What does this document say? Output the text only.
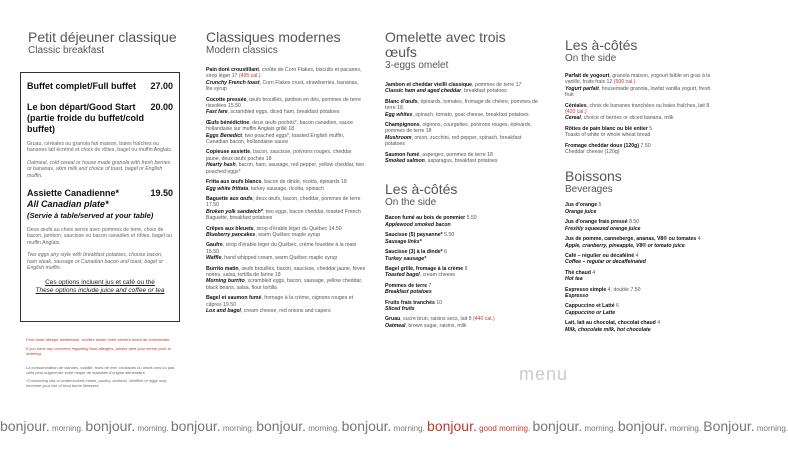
Petit déjeuner classique
Classic breakfast
Buffet complet/Full buffet 27.00
Le bon départ/Good Start 20.00
(partie froide du buffet/cold buffet)
Gruau, céréales ou granola fait maison, baies fraîches ou bananes lait écrémé et choix de rôties, bagel ou muffin Anglais.
Oatmeal, cold cereal or house made granola with fresh berries or bananas, skim milk and choice of toast, bagel or English muffin.
Assiette Canadienne*	19.50
All Canadian plate*
(Servie à table/served at your table)
Deux œufs au choix servis avec pommes de terre, choix de bacon, jambon, saucisse ou bacon canadien et rôties, bagel ou muffin Anglais.
Two eggs any style with breakfast potatoes, choose bacon, ham steak, sausage or Canadian bacon and toast, bagel or English muffin.
Ces options incluent jus et café ou thé
These options include juice and coffee or tea
Pour toute allergie alimentaire, veuillez aviser votre serveur avant de commander.
If you have any concerns regarding food allergies, please alert your server prior to ordering.
La consommation de viandes, volaille, fruits de mer, crustacés ou oeufs crus ou pas cuits peut augmenter votre risque de maladies d'origine alimentaire.
*Consuming raw or undercooked meats, poultry, seafood, shellfish or eggs may increase your risk of food borne illnesses.
Classiques modernes
Modern classics
Pain doré croustillant, croûte de Corn Flakes, biscuits et pacanes, sirop léger 17 (495 cal.)
Crunchy French toast, Corn Flakes crust, strawberries, bananas, lite syrup
Cocotte pressée, œufs brouillés, jambon en dés, pommes de terre rissolées 15.50
Fast fare, scrambled eggs, diced ham, breakfast potatoes
Œufs bénédictine, deux œufs pochés*, bacon canadien, sauce hollandaise sur muffin Anglais grillé 18
Eggs Benedict, two poached eggs*, toasted English muffin, Canadian bacon, hollandaise sauce
Copieuse assiette, bacon, saucisse, poivrons rouges, cheddar jaune, deux œufs pochés 18
Hearty hash, bacon, ham, sausage, red pepper, yellow cheddar, two poached eggs*
Fritta aux œufs blancs, bacon de dinde, ricotta, épinards 18
Egg white frittata, turkey sausage, ricotta, spinach
Baguette aux œufs; deux œufs, bacon, cheddar, pommes de terre 17.50
Broken yolk sandwich*, two eggs, bacon cheddar, toasted French Baguette, breakfast potatoes
Crêpes aux bleuets, sirop d'érable léger du Québec 14.50
Blueberry pancakes, warm Québec maple syrup
Gaufre, sirop d'érable léger du Québec, crème fouettée à la main 15.50
Waffle, hand whipped cream, warm Québec maple syrup
Burrito matin, œufs brouillés, bacon, saucisse, cheddar jaune, fèves noires, salsa, tortilla de farine 18
Morning burrito, scrambled eggs, bacon, sausage, yellow cheddar, black beans, salsa, flour tortilla
Bagel et saumon fumé, fromage à la crème, oignons rouges et câpres 19.50
Lox and bagel, cream cheese, red onions and capers
Omelette avec trois œufs
3-eggs omelet
Jambon et cheddar vieilli classique, pommes de terre 17
Classic ham and aged cheddar, breakfast potatoes
Blanc d'œufs, épinards, tomates, fromage de chèvre, pommes de terre 18
Egg whites, spinach, tomato, goat cheese, breakfast potatoes
Champignons, oignons, courgettes, poivrons rouges, épinards, pommes de terre 18
Mushroom, onion, zucchini, red pepper, spinach, breakfast potatoes
Saumon fumé, asperges, pommes de terre 18
Smoked salmon, asparagus, breakfast potatoes
Les à-côtés
On the side
Bacon fumé au bois de pommier 5.50
Applewood smoked bacon
Saucisse (5) paysanne* 5.50
Sausage links*
Saucisse (3) à la dinde* 6
Turkey sausage*
Bagel grillé, fromage à la crème 8
Toasted bagel, cream cheese
Pommes de terre 7
Breakfast potatoes
Fruits frais tranchés 10
Sliced fruits
Gruau, sucre brun, raisins secs, lait 9 (440 cal.)
Oatmeal, brown sugar, raisins, milk
Les à-côtés
On the side
Parfait de yogourt, granola maison, yogourt faible en gras à la vanille, fruits frais 12 (500 cal.)
Yogurt parfait, housemade granola, lowfat vanilla yogurt, fresh fruit
Céréales, choix de bananes tranchées ou baies fraîches, lait 8 (420 cal.)
Cereal, choice of berries or sliced banana, milk
Rôties de pain blanc ou blé entier 5
Toasts of white or whole wheat bread
Fromage cheddar doux (120g) 7.50
Cheddar cheese (120g)
Boissons
Beverages
Jus d'orange 5
Orange juice
Jus d'orange frais pressé 8.50
Freshly squeezed orange juice
Jus de pomme, canneberge, ananas, V8® ou tomates 4
Apple, cranberry, pineapple, V8® or tomato juice
Café – régulier ou décaféiné 4
Coffee – regular or decaffeinated
Thé chaud 4
Hot tea
Espresso simple 4, double 7.50
Espresso
Cappuccino et Latté 6
Cappuccino or Latte
Lait, lait au chocolat, chocolat chaud 4
Milk, chocolate milk, hot chocolate
menu
bonjour. morning. bonjour. morning. bonjour. morning. bonjour. morning. bonjour. morning. bonjour. good morning. bonjour. morning. bonjour. morning. Bonjour. morning.
